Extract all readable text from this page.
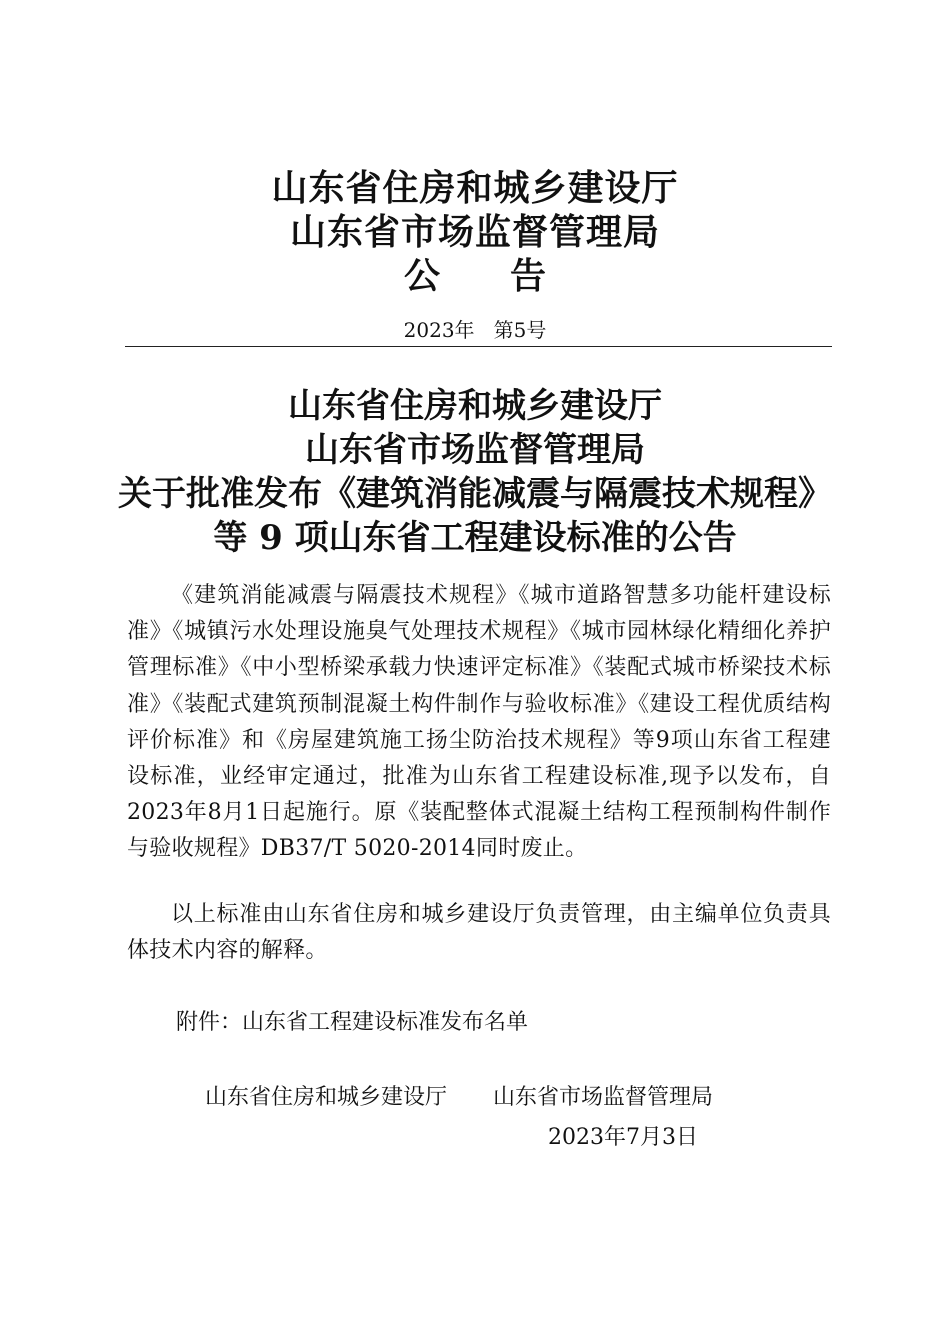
山东省住房和城乡建设厅
山东省市场监督管理局
公 告
2023年   第5号
山东省住房和城乡建设厅
山东省市场监督管理局
关于批准发布《建筑消能减震与隔震技术规程》
等 9 项山东省工程建设标准的公告
《建筑消能减震与隔震技术规程》《城市道路智慧多功能杆建设标准》《城镇污水处理设施臭气处理技术规程》《城市园林绿化精细化养护管理标准》《中小型桥梁承载力快速评定标准》《装配式城市桥梁技术标准》《装配式建筑预制混凝土构件制作与验收标准》《建设工程优质结构评价标准》和《房屋建筑施工扬尘防治技术规程》等9项山东省工程建设标准，业经审定通过，批准为山东省工程建设标准,现予以发布，自2023年8月1日起施行。原《装配整体式混凝土结构工程预制构件制作与验收规程》DB37/T 5020-2014同时废止。
以上标准由山东省住房和城乡建设厅负责管理，由主编单位负责具体技术内容的解释。
附件：山东省工程建设标准发布名单
山东省住房和城乡建设厅 山东省市场监督管理局
2023年7月3日
